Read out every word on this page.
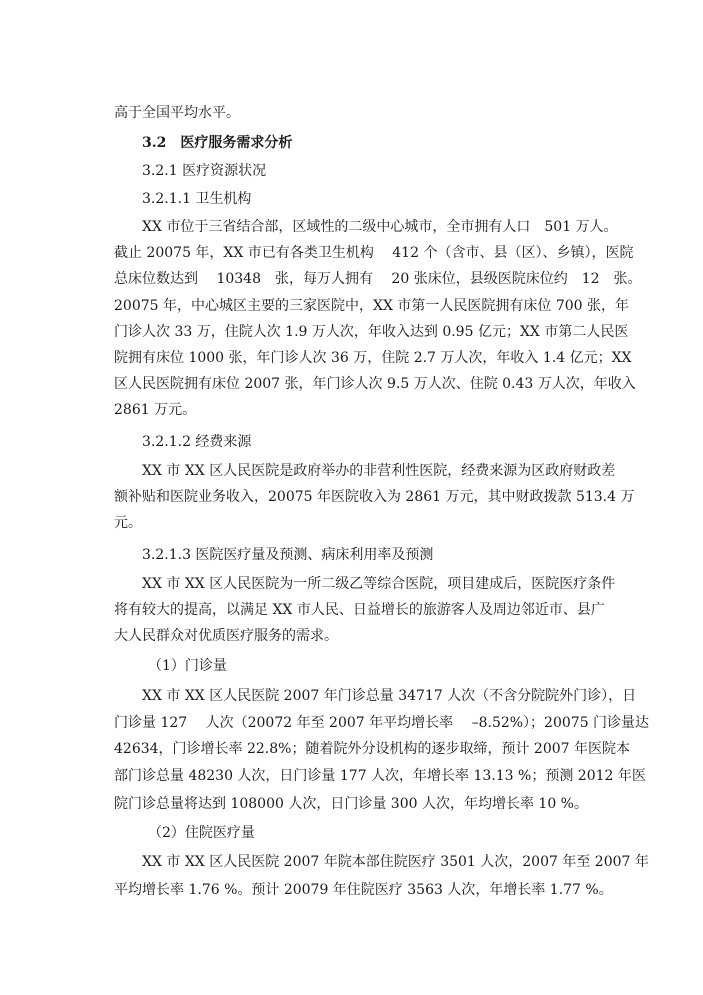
高于全国平均水平。
3.2　医疗服务需求分析
3.2.1 医疗资源状况
3.2.1.1 卫生机构
XX 市位于三省结合部，区域性的二级中心城市，全市拥有人口　501 万人。
截止 20075 年，XX 市已有各类卫生机构　 412 个（含市、县（区）、乡镇），医院
总床位数达到　 10348　张，每万人拥有　 20 张床位，县级医院床位约　12　张。
20075 年，中心城区主要的三家医院中，XX 市第一人民医院拥有床位 700 张，年
门诊人次 33 万，住院人次 1.9 万人次，年收入达到 0.95 亿元；XX 市第二人民医
院拥有床位 1000 张，年门诊人次 36 万，住院 2.7 万人次，年收入 1.4 亿元；XX
区人民医院拥有床位 2007 张，年门诊人次 9.5 万人次、住院 0.43 万人次，年收入
2861 万元。
3.2.1.2 经费来源
XX 市 XX 区人民医院是政府举办的非营利性医院，经费来源为区政府财政差
额补贴和医院业务收入，20075 年医院收入为 2861 万元，其中财政拨款 513.4 万
元。
3.2.1.3 医院医疗量及预测、病床利用率及预测
XX 市 XX 区人民医院为一所二级乙等综合医院，项目建成后，医院医疗条件
将有较大的提高，以满足 XX 市人民、日益增长的旅游客人及周边邻近市、县广
大人民群众对优质医疗服务的需求。
（1）门诊量
XX 市 XX 区人民医院 2007 年门诊总量 34717 人次（不含分院院外门诊），日
门诊量 127　 人次（20072 年至 2007 年平均增长率　 –8.52%）；20075 门诊量达
42634，门诊增长率 22.8%；随着院外分设机构的逐步取缔，预计 2007 年医院本
部门诊总量 48230 人次，日门诊量 177 人次，年增长率 13.13 %；预测 2012 年医
院门诊总量将达到 108000 人次，日门诊量 300 人次，年均增长率 10 %。
（2）住院医疗量
XX 市 XX 区人民医院 2007 年院本部住院医疗 3501 人次，2007 年至 2007 年
平均增长率 1.76 %。预计 20079 年住院医疗 3563 人次，年增长率 1.77 %。
